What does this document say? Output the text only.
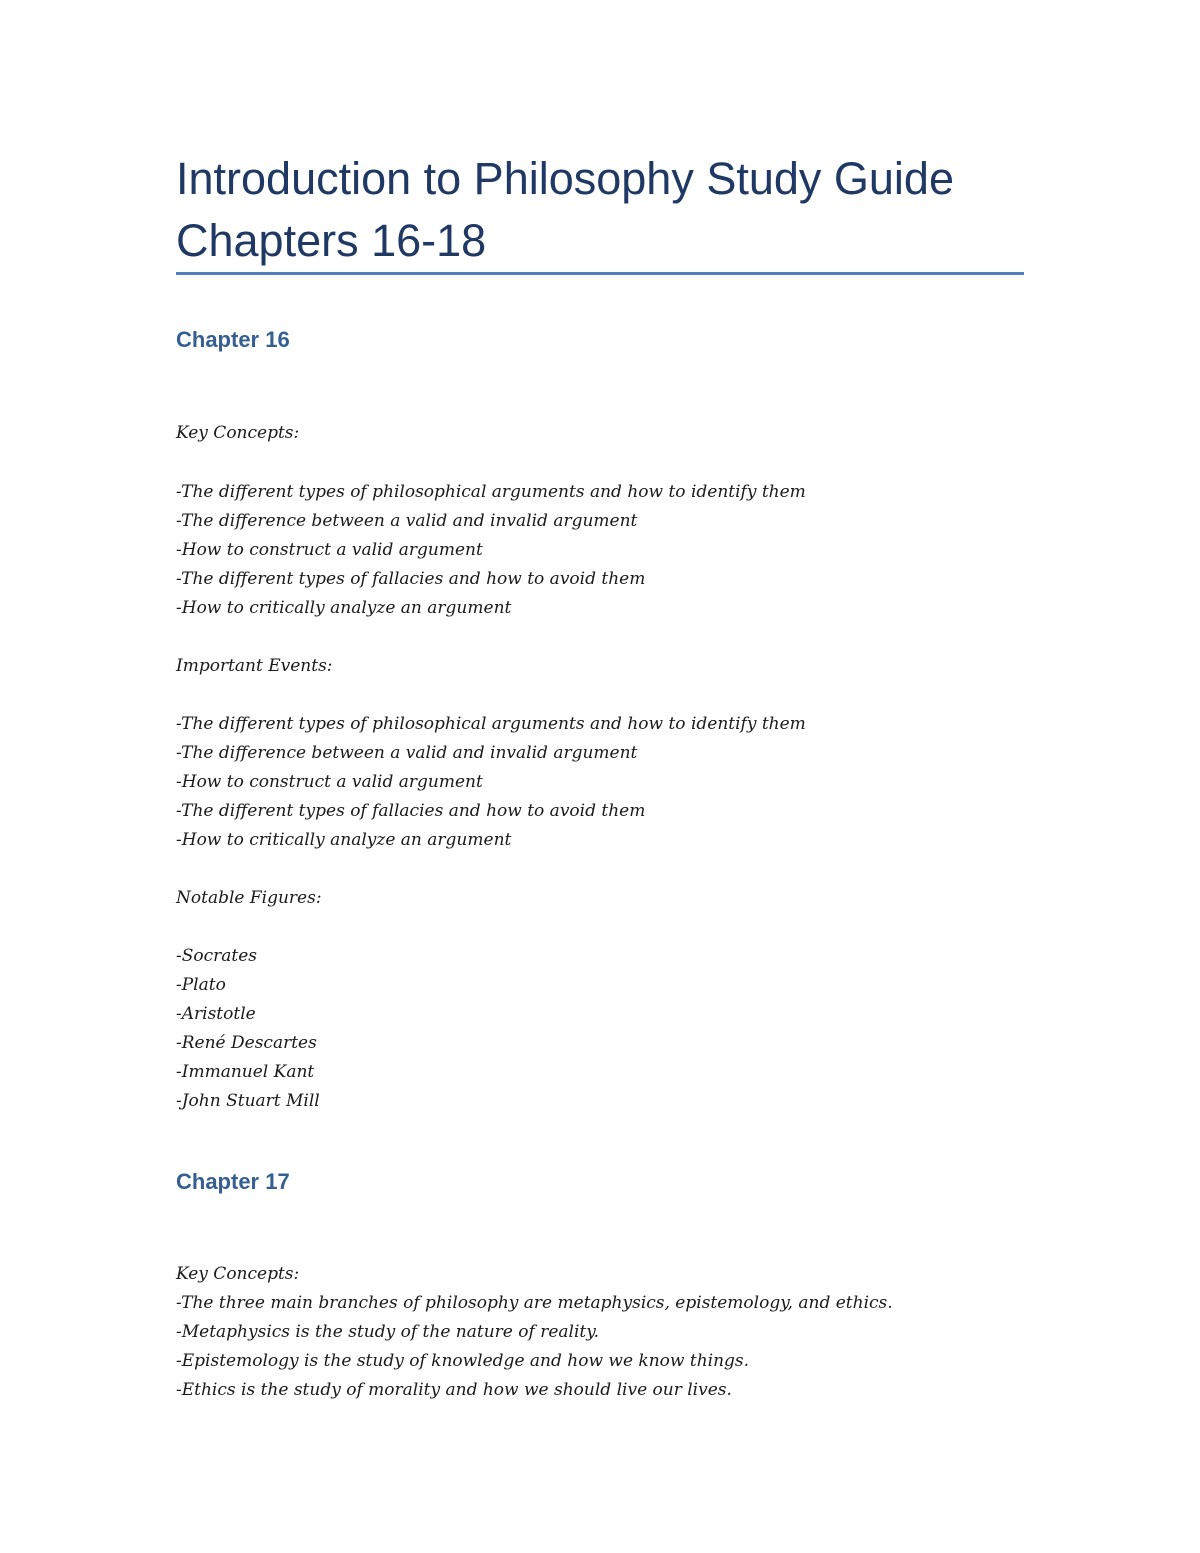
Introduction to Philosophy Study Guide
Chapters 16-18
Chapter 16

Key Concepts:

-The different types of philosophical arguments and how to identify them

-The difference between a valid and invalid argument

-How to construct a valid argument

-The different types of fallacies and how to avoid them

-How to critically analyze an argument

Important Events:

-The different types of philosophical arguments and how to identify them

-The difference between a valid and invalid argument

-How to construct a valid argument

-The different types of fallacies and how to avoid them

-How to critically analyze an argument

Notable Figures:

-Socrates

-Plato

-Aristotle

-René Descartes

-Immanuel Kant

-John Stuart Mill

Chapter 17

Key Concepts:

-The three main branches of philosophy are metaphysics, epistemology, and ethics.

-Metaphysics is the study of the nature of reality.

-Epistemology is the study of knowledge and how we know things.

-Ethics is the study of morality and how we should live our lives.
